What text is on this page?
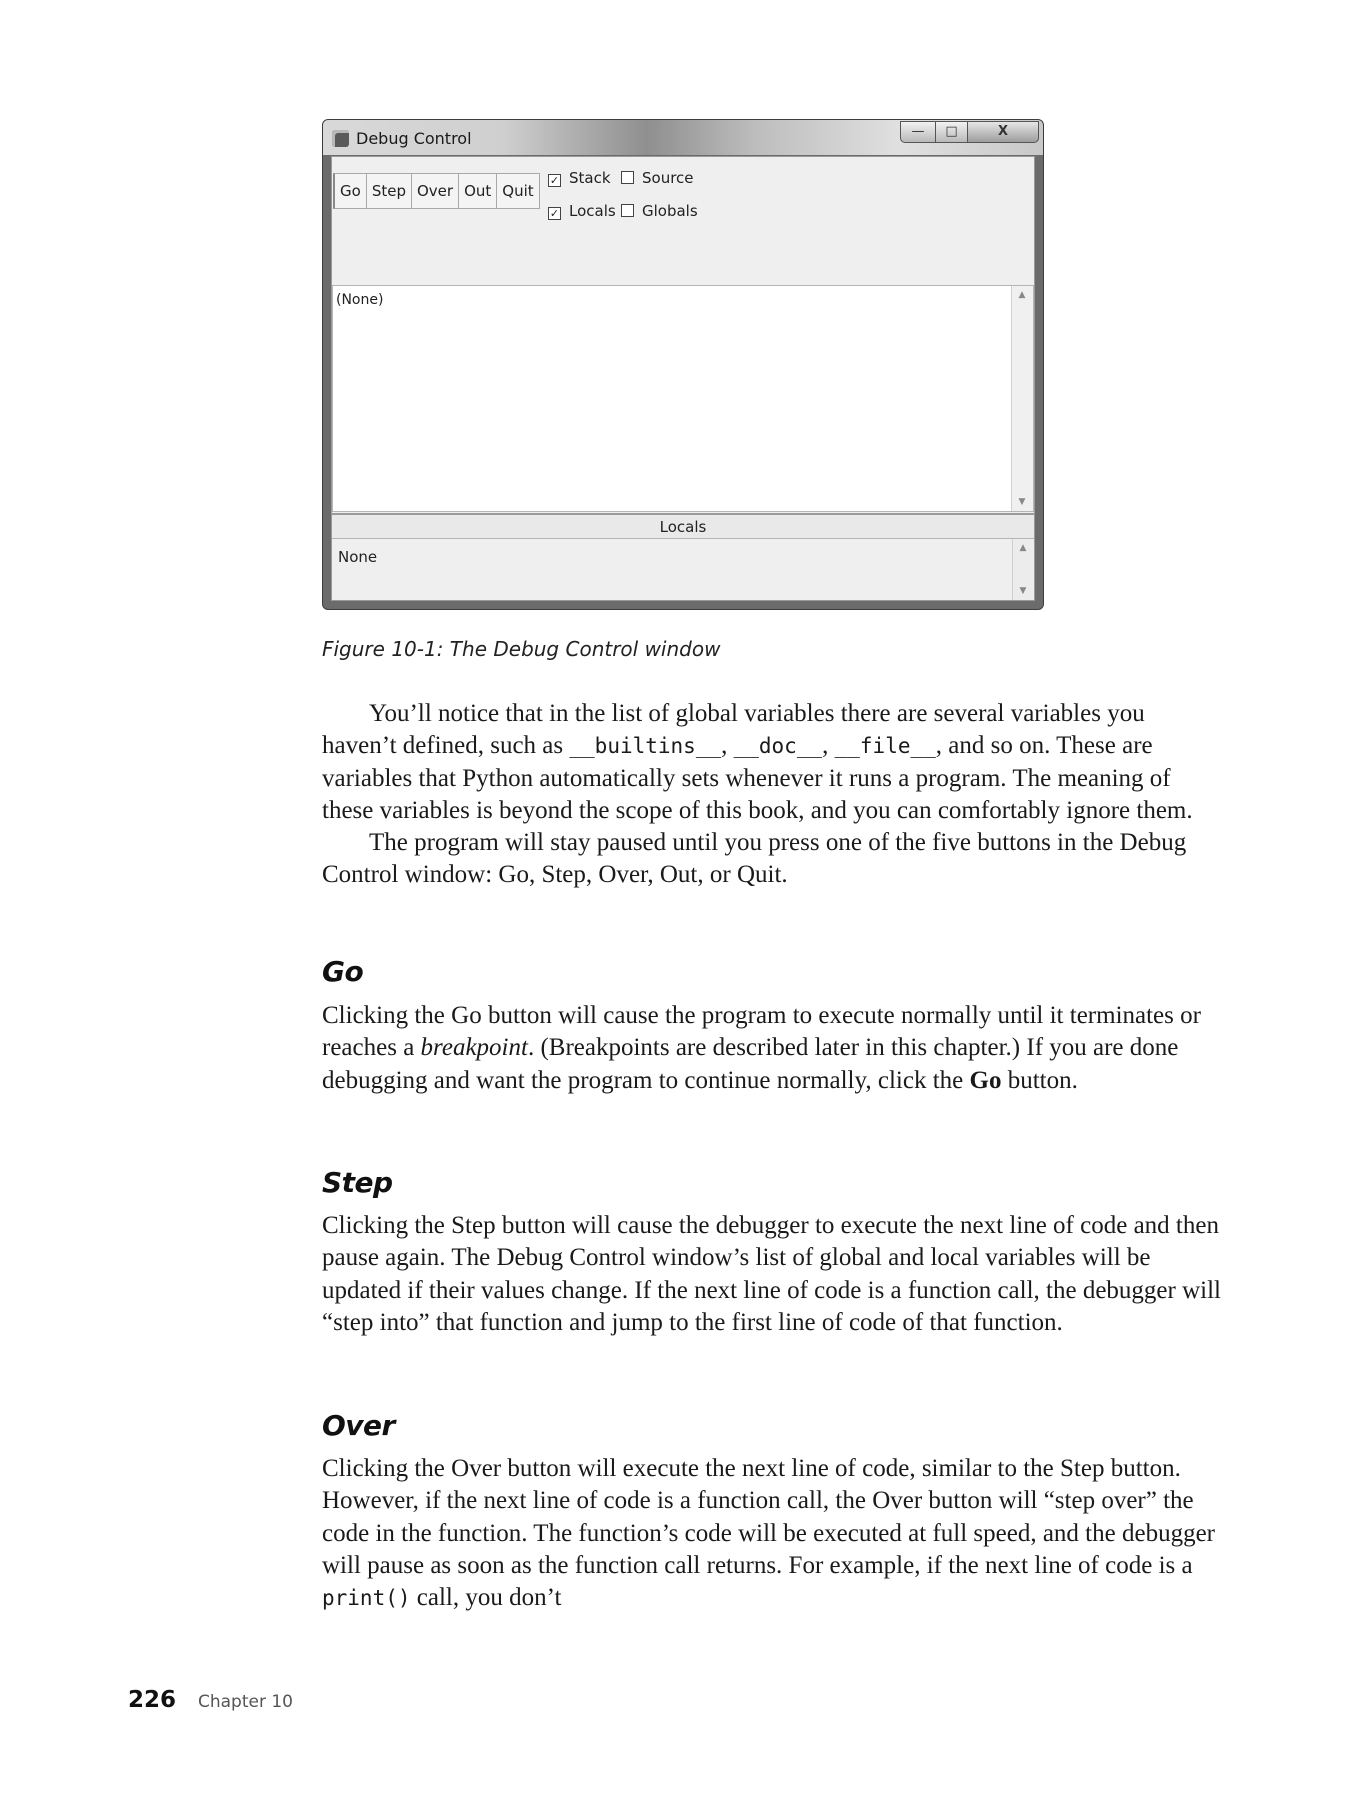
Debug Control	—	□	X
Go Step Over Out Quit
✓ Stack	Source
✓ Locals	Globals
(None)	▲
▼
Locals
None	▲
▼
Figure 10-1: The Debug Control window

You’ll notice that in the list of global variables there are several variables you haven’t defined, such as __builtins__, __doc__, __file__, and so on. These are variables that Python automatically sets whenever it runs a program. The meaning of these variables is beyond the scope of this book, and you can comfortably ignore them.

The program will stay paused until you press one of the five buttons in the Debug Control window: Go, Step, Over, Out, or Quit.

Go

Clicking the Go button will cause the program to execute normally until it terminates or reaches a breakpoint. (Breakpoints are described later in this chapter.) If you are done debugging and want the program to continue normally, click the Go button.

Step

Clicking the Step button will cause the debugger to execute the next line of code and then pause again. The Debug Control window’s list of global and local variables will be updated if their values change. If the next line of code is a function call, the debugger will “step into” that function and jump to the first line of code of that function.

Over

Clicking the Over button will execute the next line of code, similar to the Step button. However, if the next line of code is a function call, the Over button will “step over” the code in the function. The function’s code will be executed at full speed, and the debugger will pause as soon as the function call returns. For example, if the next line of code is a print() call, you don’t

226 Chapter 10
